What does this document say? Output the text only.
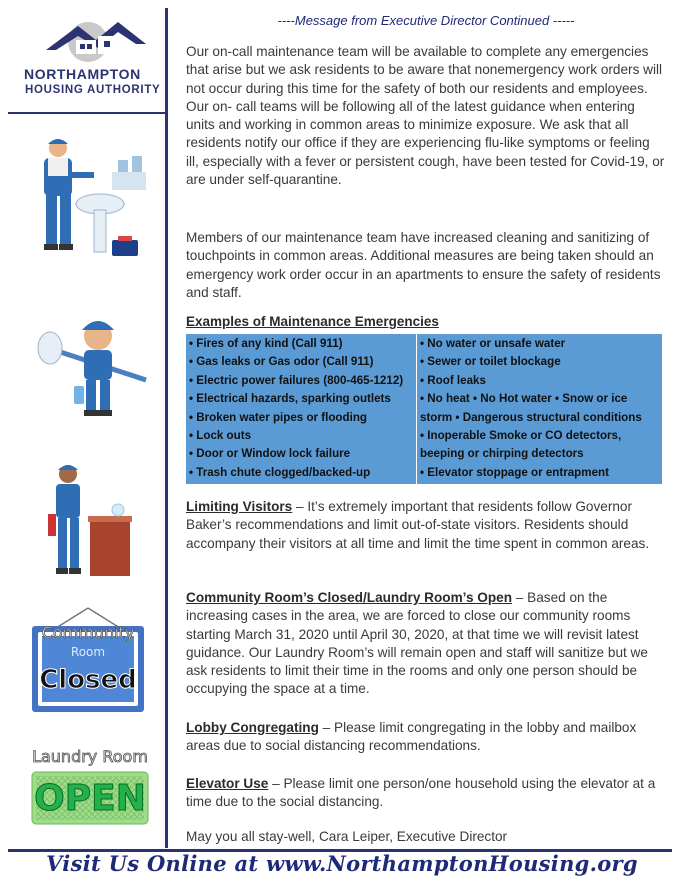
NORTHAMPTON
HOUSING AUTHORITY
Community
Room
Closed
Laundry Room
OPEN
----Message from Executive Director Continued -----
Our on-call maintenance team will be available to complete any emergencies that arise but we ask residents to be aware that nonemergency work orders will not occur during this time for the safety of both our residents and employees. Our on- call teams will be following all of the latest guidance when entering units and working in common areas to minimize exposure. We ask that all residents notify our office if they are experiencing flu-like symptoms or feeling ill, especially with a fever or persistent cough, have been tested for Covid-19, or are under self-quarantine.
Members of our maintenance team have increased cleaning and sanitizing of touchpoints in common areas. Additional measures are being taken should an emergency work order occur in an apartments to ensure the safety of residents and staff.
Examples of Maintenance Emergencies
• Fires of any kind (Call 911)
• Gas leaks or Gas odor (Call 911)
• Electric power failures (800-465-1212)
• Electrical hazards, sparking outlets
• Broken water pipes or flooding
• Lock outs
• Door or Window lock failure
• Trash chute clogged/backed-up
• No water or unsafe water
• Sewer or toilet blockage
• Roof leaks
• No heat • No Hot water • Snow or ice storm • Dangerous structural conditions
• Inoperable Smoke or CO detectors, beeping or chirping detectors
• Elevator stoppage or entrapment
Limiting Visitors – It’s extremely important that residents follow Governor Baker’s recommendations and limit out-of-state visitors. Residents should accompany their visitors at all time and limit the time spent in common areas.
Community Room’s Closed/Laundry Room’s Open – Based on the increasing cases in the area, we are forced to close our community rooms starting March 31, 2020 until April 30, 2020, at that time we will revisit latest guidance. Our Laundry Room’s will remain open and staff will sanitize but we ask residents to limit their time in the rooms and only one person should be occupying the space at a time.
Lobby Congregating – Please limit congregating in the lobby and mailbox areas due to social distancing recommendations.
Elevator Use – Please limit one person/one household using the elevator at a time due to the social distancing.
May you all stay-well, Cara Leiper, Executive Director
Visit Us Online at www.NorthamptonHousing.org
